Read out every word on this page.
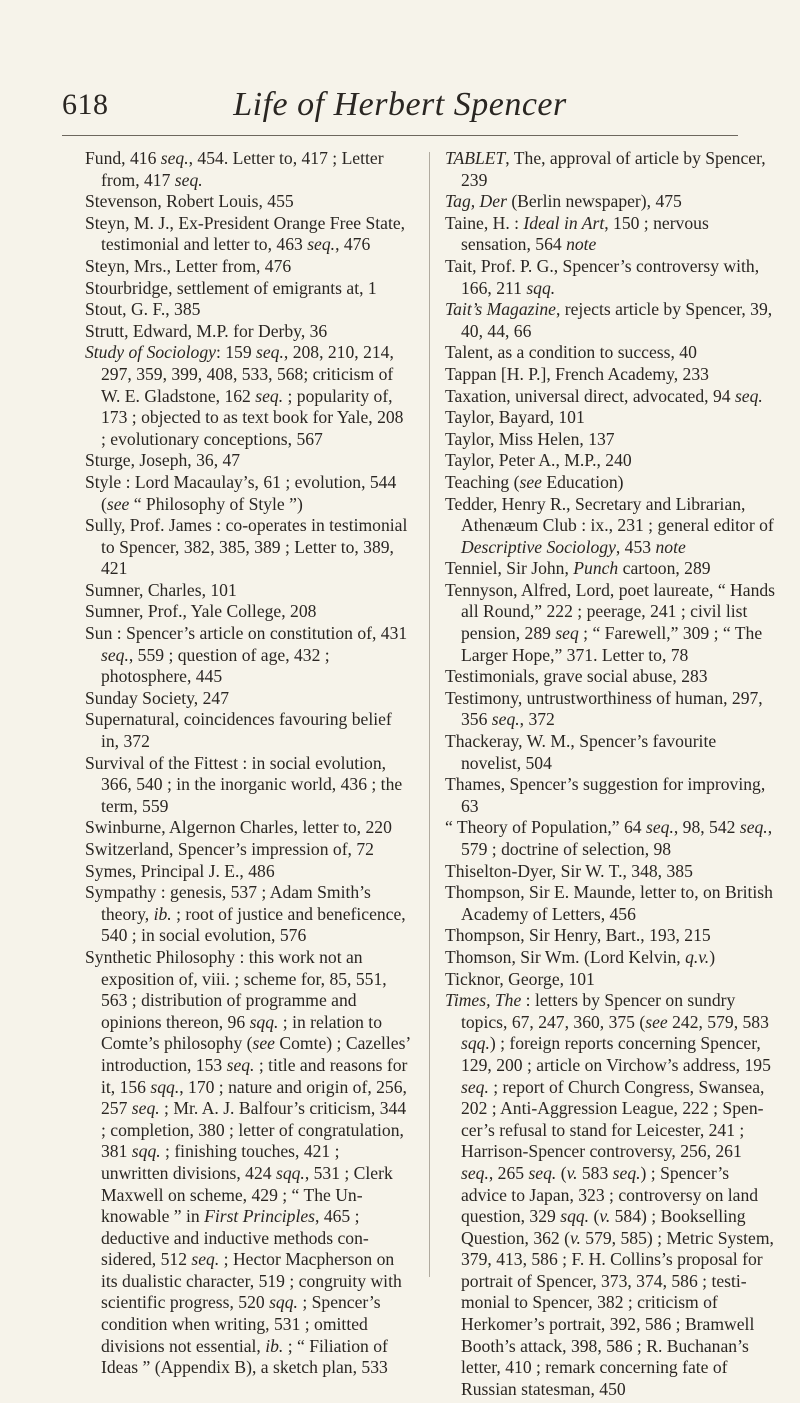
618	Life of Herbert Spencer

Fund, 416 seq., 454. Letter to, 417 ; Letter from, 417 seq.

Stevenson, Robert Louis, 455

Steyn, M. J., Ex-President Orange Free State, testimonial and letter to, 463 seq., 476

Steyn, Mrs., Letter from, 476

Stourbridge, settlement of emigrants at, 1

Stout, G. F., 385

Strutt, Edward, M.P. for Derby, 36

Study of Sociology: 159 seq., 208, 210, 214, 297, 359, 399, 408, 533, 568; criticism of W. E. Gladstone, 162 seq. ; popularity of, 173 ; objected to as text book for Yale, 208 ; evolutionary conceptions, 567

Sturge, Joseph, 36, 47

Style : Lord Macaulay’s, 61 ; evolution, 544 (see “ Philosophy of Style ”)

Sully, Prof. James : co-operates in testimonial to Spencer, 382, 385, 389 ; Letter to, 389, 421

Sumner, Charles, 101

Sumner, Prof., Yale College, 208

Sun : Spencer’s article on constitution of, 431 seq., 559 ; question of age, 432 ; photosphere, 445

Sunday Society, 247

Supernatural, coincidences favouring belief in, 372

Survival of the Fittest : in social evolution, 366, 540 ; in the inorganic world, 436 ; the term, 559

Swinburne, Algernon Charles, letter to, 220

Switzerland, Spencer’s impression of, 72

Symes, Principal J. E., 486

Sympathy : genesis, 537 ; Adam Smith’s theory, ib. ; root of justice and beneficence, 540 ; in social evolution, 576

Synthetic Philosophy : this work not an exposition of, viii. ; scheme for, 85, 551, 563 ; distribution of programme and opinions thereon, 96 sqq. ; in relation to Comte’s philosophy (see Comte) ; Cazelles’ introduction, 153 seq. ; title and reasons for it, 156 sqq., 170 ; nature and origin of, 256, 257 seq. ; Mr. A. J. Balfour’s criticism, 344 ; completion, 380 ; letter of congratulation, 381 sqq. ; finishing touches, 421 ; unwritten divisions, 424 sqq., 531 ; Clerk Maxwell on scheme, 429 ; “ The Unknowable ” in First Principles, 465 ; deductive and inductive methods considered, 512 seq. ; Hector Macpherson on its dualistic character, 519 ; congruity with scientific progress, 520 sqq. ; Spencer’s condition when writing, 531 ; omitted divisions not essential, ib. ; “ Filiation of Ideas ” (Appendix B), a sketch plan, 533

TABLET, The, approval of article by Spencer, 239

Tag, Der (Berlin newspaper), 475

Taine, H. : Ideal in Art, 150 ; nervous sensation, 564 note

Tait, Prof. P. G., Spencer’s controversy with, 166, 211 sqq.

Tait’s Magazine, rejects article by Spencer, 39, 40, 44, 66

Talent, as a condition to success, 40

Tappan [H. P.], French Academy, 233

Taxation, universal direct, advocated, 94 seq.

Taylor, Bayard, 101

Taylor, Miss Helen, 137

Taylor, Peter A., M.P., 240

Teaching (see Education)

Tedder, Henry R., Secretary and Librarian, Athenæum Club : ix., 231 ; general editor of Descriptive Sociology, 453 note

Tenniel, Sir John, Punch cartoon, 289

Tennyson, Alfred, Lord, poet laureate, “ Hands all Round,” 222 ; peerage, 241 ; civil list pension, 289 seq ; “ Farewell,” 309 ; “ The Larger Hope,” 371. Letter to, 78

Testimonials, grave social abuse, 283

Testimony, untrustworthiness of human, 297, 356 seq., 372

Thackeray, W. M., Spencer’s favourite novelist, 504

Thames, Spencer’s suggestion for improving, 63

“ Theory of Population,” 64 seq., 98, 542 seq., 579 ; doctrine of selection, 98

Thiselton-Dyer, Sir W. T., 348, 385

Thompson, Sir E. Maunde, letter to, on British Academy of Letters, 456

Thompson, Sir Henry, Bart., 193, 215

Thomson, Sir Wm. (Lord Kelvin, q.v.)

Ticknor, George, 101

Times, The : letters by Spencer on sundry topics, 67, 247, 360, 375 (see 242, 579, 583 sqq.) ; foreign reports concerning Spencer, 129, 200 ; article on Virchow’s address, 195 seq. ; report of Church Congress, Swansea, 202 ; Anti-Aggression League, 222 ; Spencer’s refusal to stand for Leicester, 241 ; Harrison-Spencer controversy, 256, 261 seq., 265 seq. (v. 583 seq.) ; Spencer’s advice to Japan, 323 ; controversy on land question, 329 sqq. (v. 584) ; Bookselling Question, 362 (v. 579, 585) ; Metric System, 379, 413, 586 ; F. H. Collins’s proposal for portrait of Spencer, 373, 374, 586 ; testimonial to Spencer, 382 ; criticism of Herkomer’s portrait, 392, 586 ; Bramwell Booth’s attack, 398, 586 ; R. Buchanan’s letter, 410 ; remark concerning fate of Russian statesman, 450
